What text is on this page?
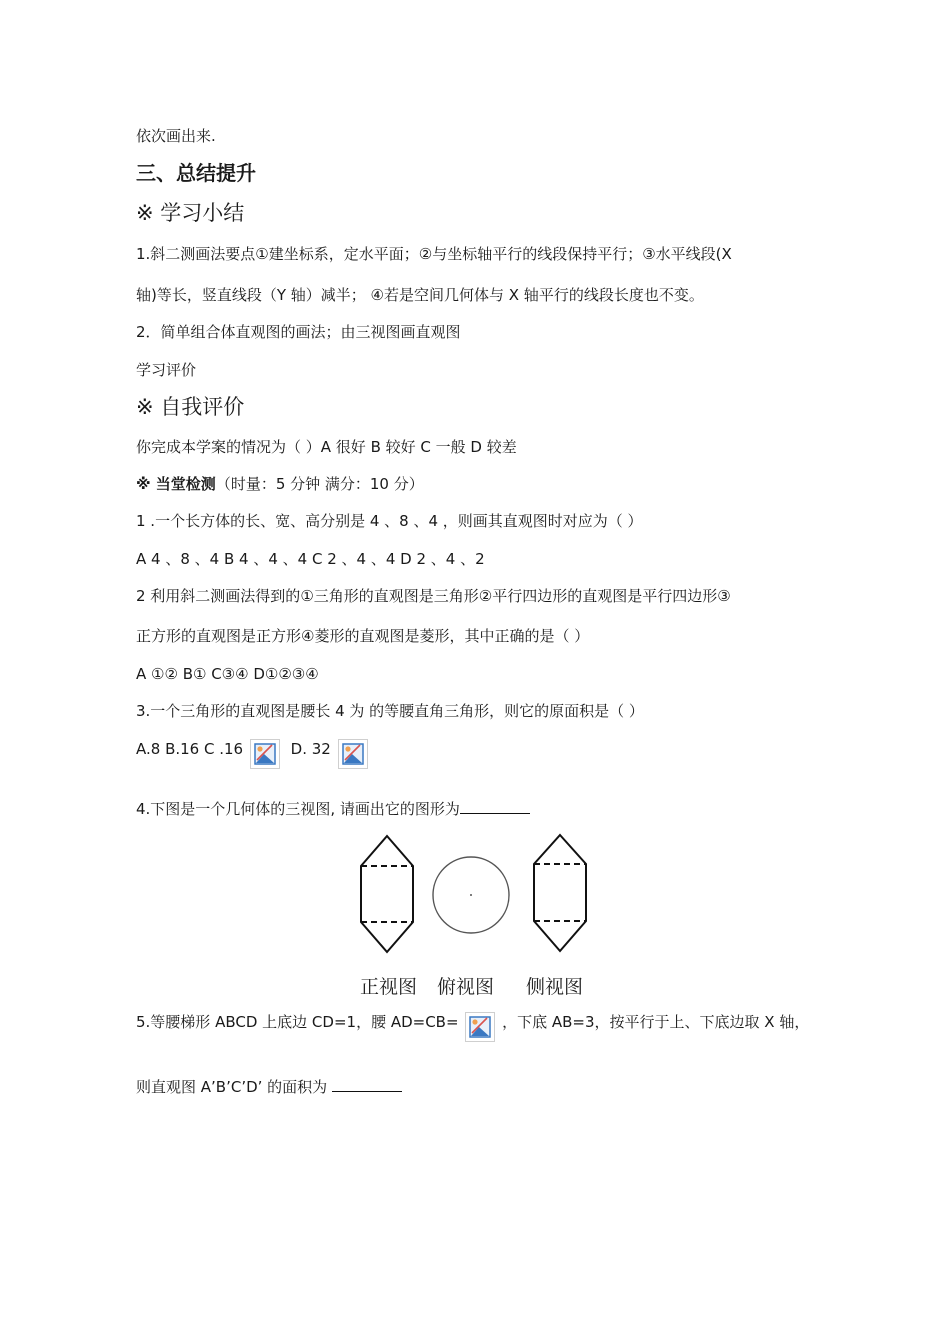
依次画出来.
三、总结提升
※ 学习小结
1.斜二测画法要点①建坐标系，定水平面；②与坐标轴平行的线段保持平行；③水平线段(X
轴)等长，竖直线段（Y 轴）减半； ④若是空间几何体与 X 轴平行的线段长度也不变。
2．简单组合体直观图的画法；由三视图画直观图
学习评价
※ 自我评价
你完成本学案的情况为（ ）A 很好 B 较好 C 一般 D 较差
※ 当堂检测（时量：5 分钟 满分：10 分）
1 .一个长方体的长、宽、高分别是 4 、8 、4 ，则画其直观图时对应为（ ）
A 4 、8 、4 B 4 、4 、4 C 2 、4 、4 D 2 、4 、2
2 利用斜二测画法得到的①三角形的直观图是三角形②平行四边形的直观图是平行四边形③
正方形的直观图是正方形④菱形的直观图是菱形，其中正确的是（ ）
A ①② B① C③④ D①②③④
3.一个三角形的直观图是腰长 4 为 的等腰直角三角形，则它的原面积是（ ）
A.8 B.16 C .16	D. 32
4.下图是一个几何体的三视图, 请画出它的图形为
正视图 俯视图 侧视图
5.等腰梯形 ABCD 上底边 CD=1，腰 AD=CB=	，下底 AB=3，按平行于上、下底边取 X 轴，
则直观图 A’B’C’D’ 的面积为
